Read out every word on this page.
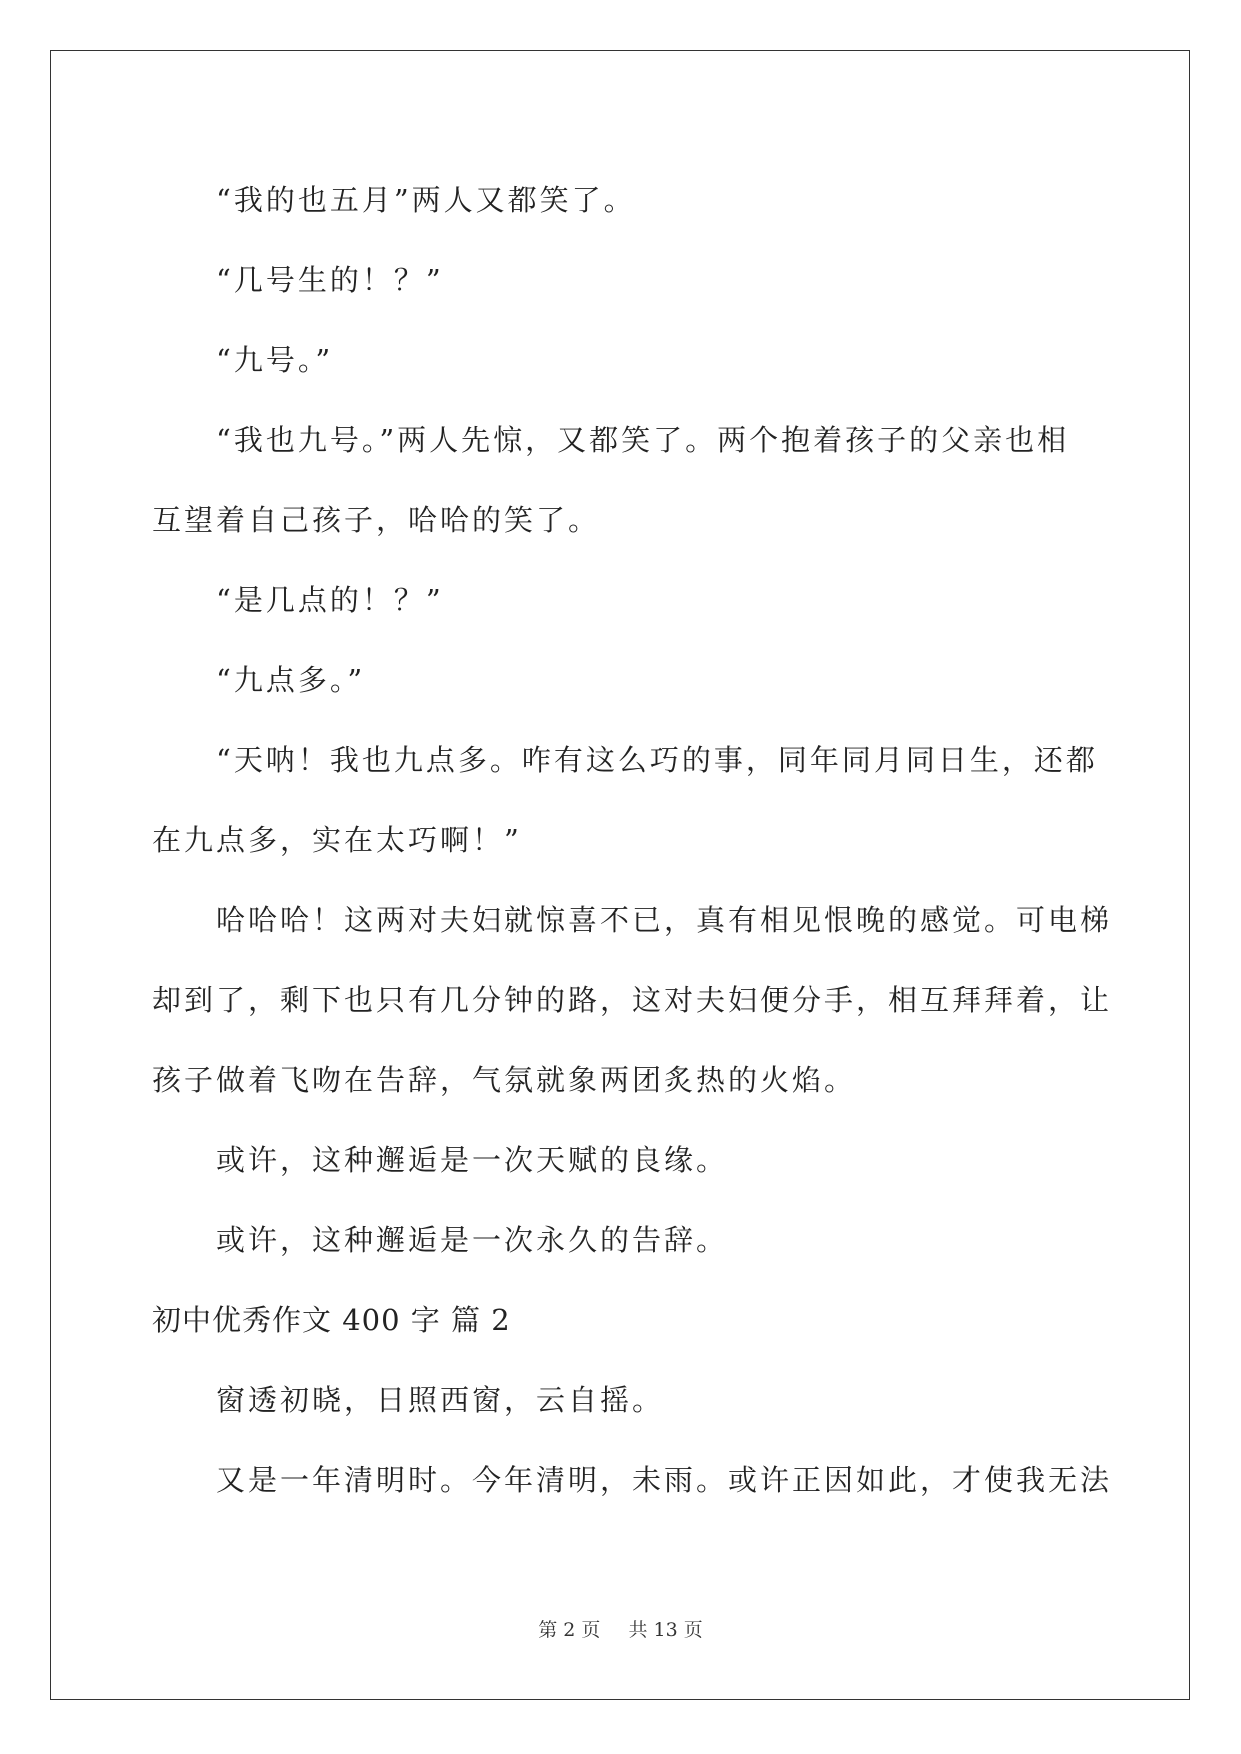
“我的也五月”两人又都笑了。
“几号生的！？”
“九号。”
“我也九号。”两人先惊，又都笑了。两个抱着孩子的父亲也相
互望着自己孩子，哈哈的笑了。
“是几点的！？”
“九点多。”
“天呐！我也九点多。咋有这么巧的事，同年同月同日生，还都
在九点多，实在太巧啊！”
哈哈哈！这两对夫妇就惊喜不已，真有相见恨晚的感觉。可电梯
却到了，剩下也只有几分钟的路，这对夫妇便分手，相互拜拜着，让
孩子做着飞吻在告辞，气氛就象两团炙热的火焰。
或许，这种邂逅是一次天赋的良缘。
或许，这种邂逅是一次永久的告辞。
初中优秀作文 400 字 篇 2
窗透初晓，日照西窗，云自摇。
又是一年清明时。今年清明，未雨。或许正因如此，才使我无法
第 2 页 共 13 页
